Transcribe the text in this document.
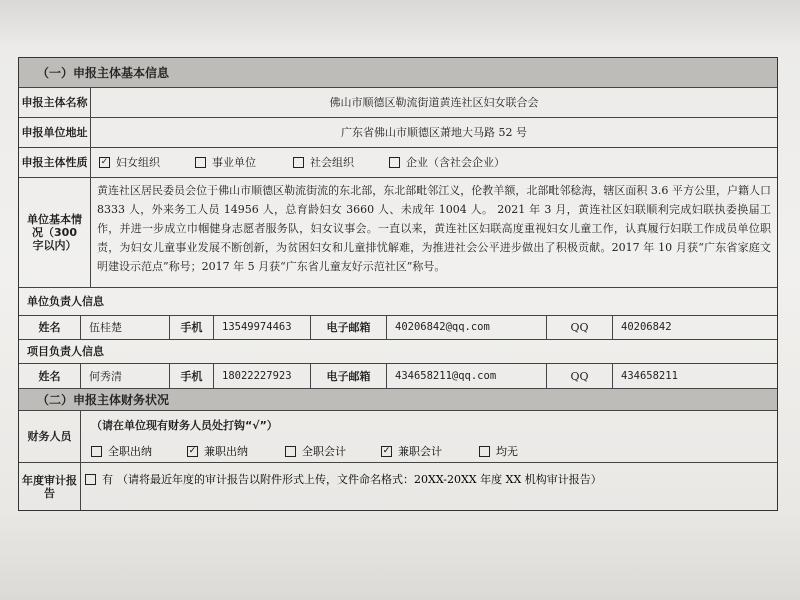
（一）申报主体基本信息
申报主体名称	佛山市顺德区勒流街道黄连社区妇女联合会
申报单位地址	广东省佛山市顺德区萧地大马路 52 号
申报主体性质	✓ 妇女组织	事业单位	社会组织	企业（含社会企业）
单位基本情况（300 字以内）
黄连社区居民委员会位于佛山市顺德区勒流街流的东北部，东北部毗邻江义，伦教羊额，北部毗邻稔海，辖区面积 3.6 平方公里，户籍人口 8333 人，外来务工人员 14956 人，总育龄妇女 3660 人、未成年 1004 人。 2021 年 3 月，黄连社区妇联顺利完成妇联执委换届工作，并进一步成立巾帼健身志愿者服务队，妇女议事会。一直以来，黄连社区妇联高度重视妇女儿童工作，认真履行妇联工作成员单位职责，为妇女儿童事业发展不断创新，为贫困妇女和儿童排忧解难，为推进社会公平进步做出了积极贡献。2017 年 10 月获“广东省家庭文明建设示范点”称号；2017 年 5 月获“广东省儿童友好示范社区”称号。
单位负责人信息
姓名	伍桂楚	手机	13549974463	电子邮箱	40206842@qq.com	QQ	40206842
项目负责人信息
姓名	何秀清	手机	18022227923	电子邮箱	434658211@qq.com	QQ	434658211
（二）申报主体财务状况
财务人员
（请在单位现有财务人员处打钩“√”）
全职出纳	✓ 兼职出纳	全职会计	✓ 兼职会计	均无
年度审计报告
有 （请将最近年度的审计报告以附件形式上传，文件命名格式：20XX-20XX 年度 XX 机构审计报告）
